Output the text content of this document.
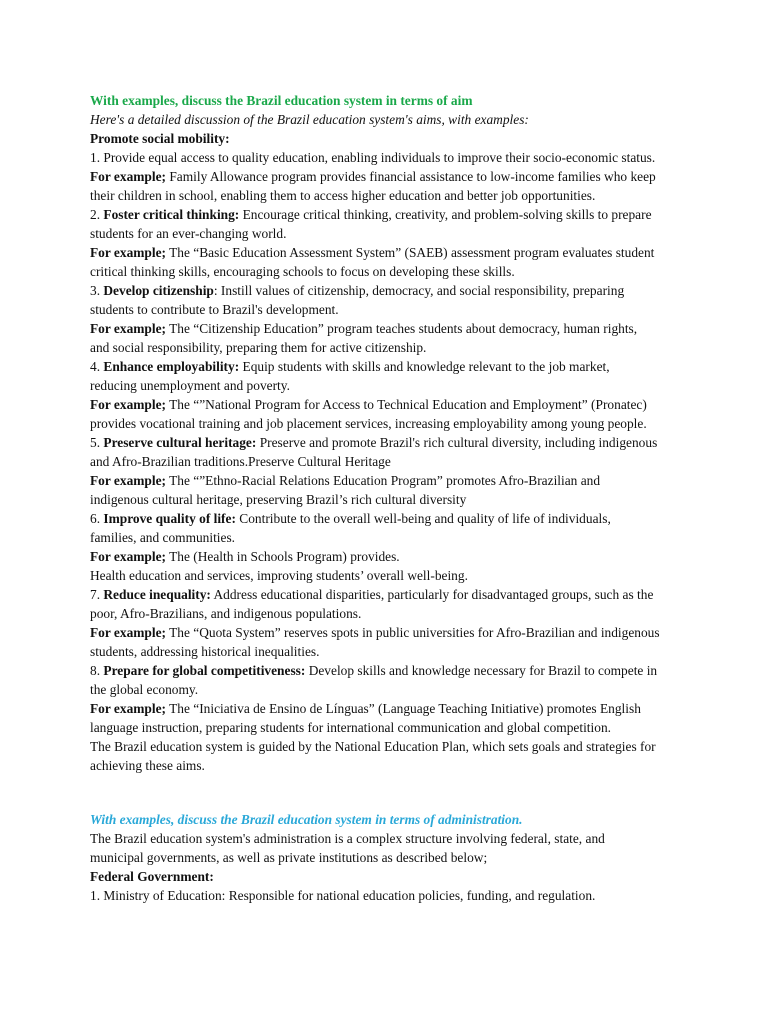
With examples, discuss the Brazil education system in terms of aim
Here's a detailed discussion of the Brazil education system's aims, with examples:
Promote social mobility:
1. Provide equal access to quality education, enabling individuals to improve their socio-economic status.
For example; Family Allowance program provides financial assistance to low-income families who keep
their children in school, enabling them to access higher education and better job opportunities.
2. Foster critical thinking: Encourage critical thinking, creativity, and problem-solving skills to prepare
students for an ever-changing world.
For example; The “Basic Education Assessment System” (SAEB) assessment program evaluates student
critical thinking skills, encouraging schools to focus on developing these skills.
3. Develop citizenship: Instill values of citizenship, democracy, and social responsibility, preparing
students to contribute to Brazil's development.
For example; The “Citizenship Education” program teaches students about democracy, human rights,
and social responsibility, preparing them for active citizenship.
4. Enhance employability: Equip students with skills and knowledge relevant to the job market,
reducing unemployment and poverty.
For example; The “”National Program for Access to Technical Education and Employment” (Pronatec)
provides vocational training and job placement services, increasing employability among young people.
5. Preserve cultural heritage: Preserve and promote Brazil's rich cultural diversity, including indigenous
and Afro-Brazilian traditions.Preserve Cultural Heritage
For example; The “”Ethno-Racial Relations Education Program” promotes Afro-Brazilian and
indigenous cultural heritage, preserving Brazil’s rich cultural diversity
6. Improve quality of life: Contribute to the overall well-being and quality of life of individuals,
families, and communities.
For example; The (Health in Schools Program) provides.
Health education and services, improving students’ overall well-being.
7. Reduce inequality: Address educational disparities, particularly for disadvantaged groups, such as the
poor, Afro-Brazilians, and indigenous populations.
For example; The “Quota System” reserves spots in public universities for Afro-Brazilian and indigenous
students, addressing historical inequalities.
8. Prepare for global competitiveness: Develop skills and knowledge necessary for Brazil to compete in
the global economy.
For example; The “Iniciativa de Ensino de Línguas” (Language Teaching Initiative) promotes English
language instruction, preparing students for international communication and global competition.
The Brazil education system is guided by the National Education Plan, which sets goals and strategies for
achieving these aims.
With examples, discuss the Brazil education system in terms of administration.
The Brazil education system's administration is a complex structure involving federal, state, and
municipal governments, as well as private institutions as described below;
Federal Government:
1. Ministry of Education: Responsible for national education policies, funding, and regulation.
